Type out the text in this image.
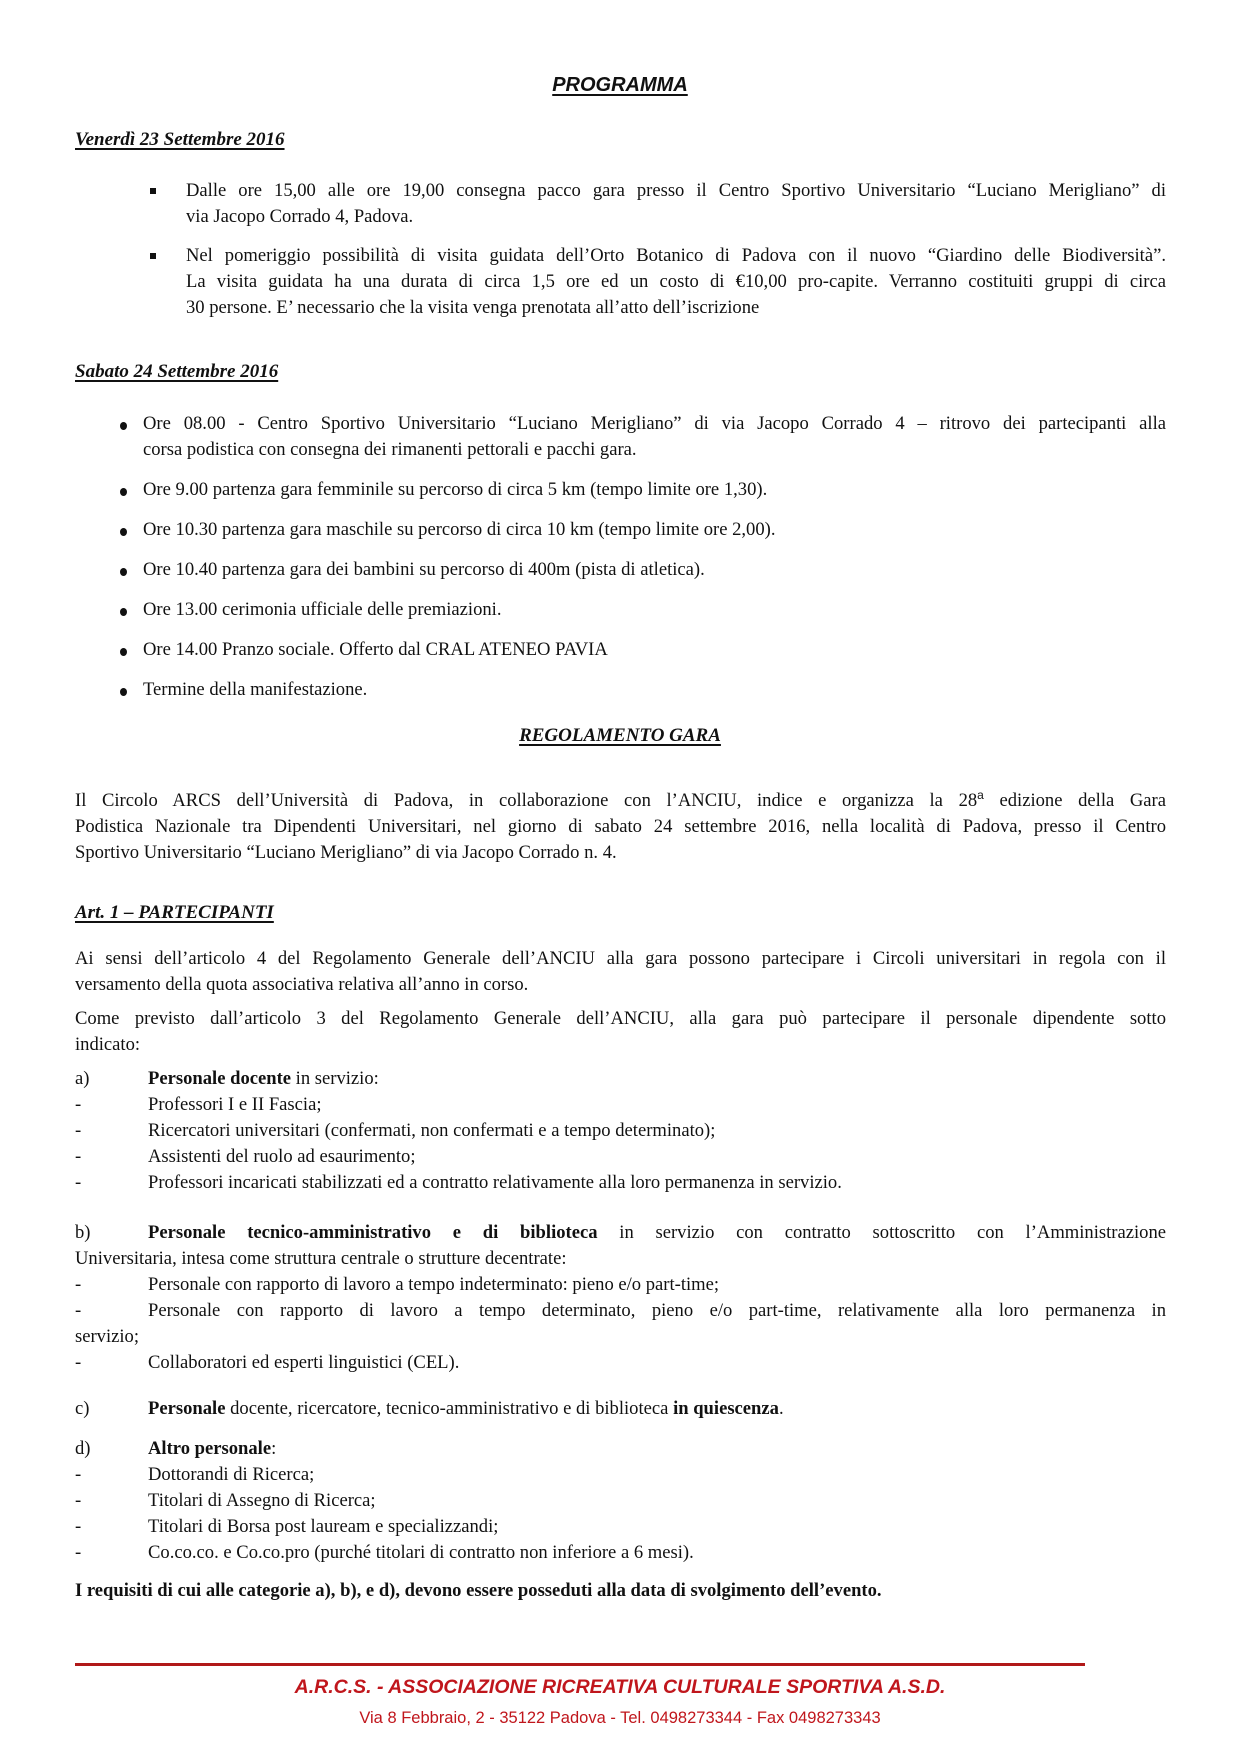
PROGRAMMA
Venerdì 23 Settembre 2016
Dalle ore 15,00 alle ore 19,00 consegna pacco gara presso il Centro Sportivo Universitario “Luciano Merigliano” di
via Jacopo Corrado 4, Padova.
Nel pomeriggio possibilità di visita guidata dell’Orto Botanico di Padova con il nuovo “Giardino delle Biodiversità”.
La visita guidata ha una durata di circa 1,5 ore ed un costo di €10,00 pro-capite. Verranno costituiti gruppi di circa
30 persone. E’ necessario che la visita venga prenotata all’atto dell’iscrizione
Sabato 24 Settembre 2016
Ore 08.00 - Centro Sportivo Universitario “Luciano Merigliano” di via Jacopo Corrado 4 – ritrovo dei partecipanti alla
corsa podistica con consegna dei rimanenti pettorali e pacchi gara.
Ore 9.00 partenza gara femminile su percorso di circa 5 km (tempo limite ore 1,30).
Ore 10.30 partenza gara maschile su percorso di circa 10 km (tempo limite ore 2,00).
Ore 10.40 partenza gara dei bambini su percorso di 400m (pista di atletica).
Ore 13.00 cerimonia ufficiale delle premiazioni.
Ore 14.00 Pranzo sociale. Offerto dal CRAL ATENEO PAVIA
Termine della manifestazione.
REGOLAMENTO GARA
Il Circolo ARCS dell’Università di Padova, in collaborazione con l’ANCIU, indice e organizza la 28$^a$ edizione della Gara
Podistica Nazionale tra Dipendenti Universitari, nel giorno di sabato 24 settembre 2016, nella località di Padova, presso il Centro
Sportivo Universitario “Luciano Merigliano” di via Jacopo Corrado n. 4.
Art. 1 – PARTECIPANTI
Ai sensi dell’articolo 4 del Regolamento Generale dell’ANCIU alla gara possono partecipare i Circoli universitari in regola con il
versamento della quota associativa relativa all’anno in corso.
Come previsto dall’articolo 3 del Regolamento Generale dell’ANCIU, alla gara può partecipare il personale dipendente sotto
indicato:
a)	Personale docente in servizio:
-	Professori I e II Fascia;
-	Ricercatori universitari (confermati, non confermati e a tempo determinato);
-	Assistenti del ruolo ad esaurimento;
-	Professori incaricati stabilizzati ed a contratto relativamente alla loro permanenza in servizio.
b)	Personale tecnico-amministrativo e di biblioteca in servizio con contratto sottoscritto con l’Amministrazione
Universitaria, intesa come struttura centrale o strutture decentrate:
-	Personale con rapporto di lavoro a tempo indeterminato: pieno e/o part-time;
-	Personale con rapporto di lavoro a tempo determinato, pieno e/o part-time, relativamente alla loro permanenza in
servizio;
-	Collaboratori ed esperti linguistici (CEL).
c)	Personale docente, ricercatore, tecnico-amministrativo e di biblioteca in quiescenza.
d)	Altro personale:
-	Dottorandi di Ricerca;
-	Titolari di Assegno di Ricerca;
-	Titolari di Borsa post lauream e specializzandi;
-	Co.co.co. e Co.co.pro (purché titolari di contratto non inferiore a 6 mesi).
I requisiti di cui alle categorie a), b), e d), devono essere posseduti alla data di svolgimento dell’evento.
A.R.C.S. - ASSOCIAZIONE RICREATIVA CULTURALE SPORTIVA A.S.D.
Via 8 Febbraio, 2 - 35122 Padova - Tel. 0498273344 - Fax 0498273343
